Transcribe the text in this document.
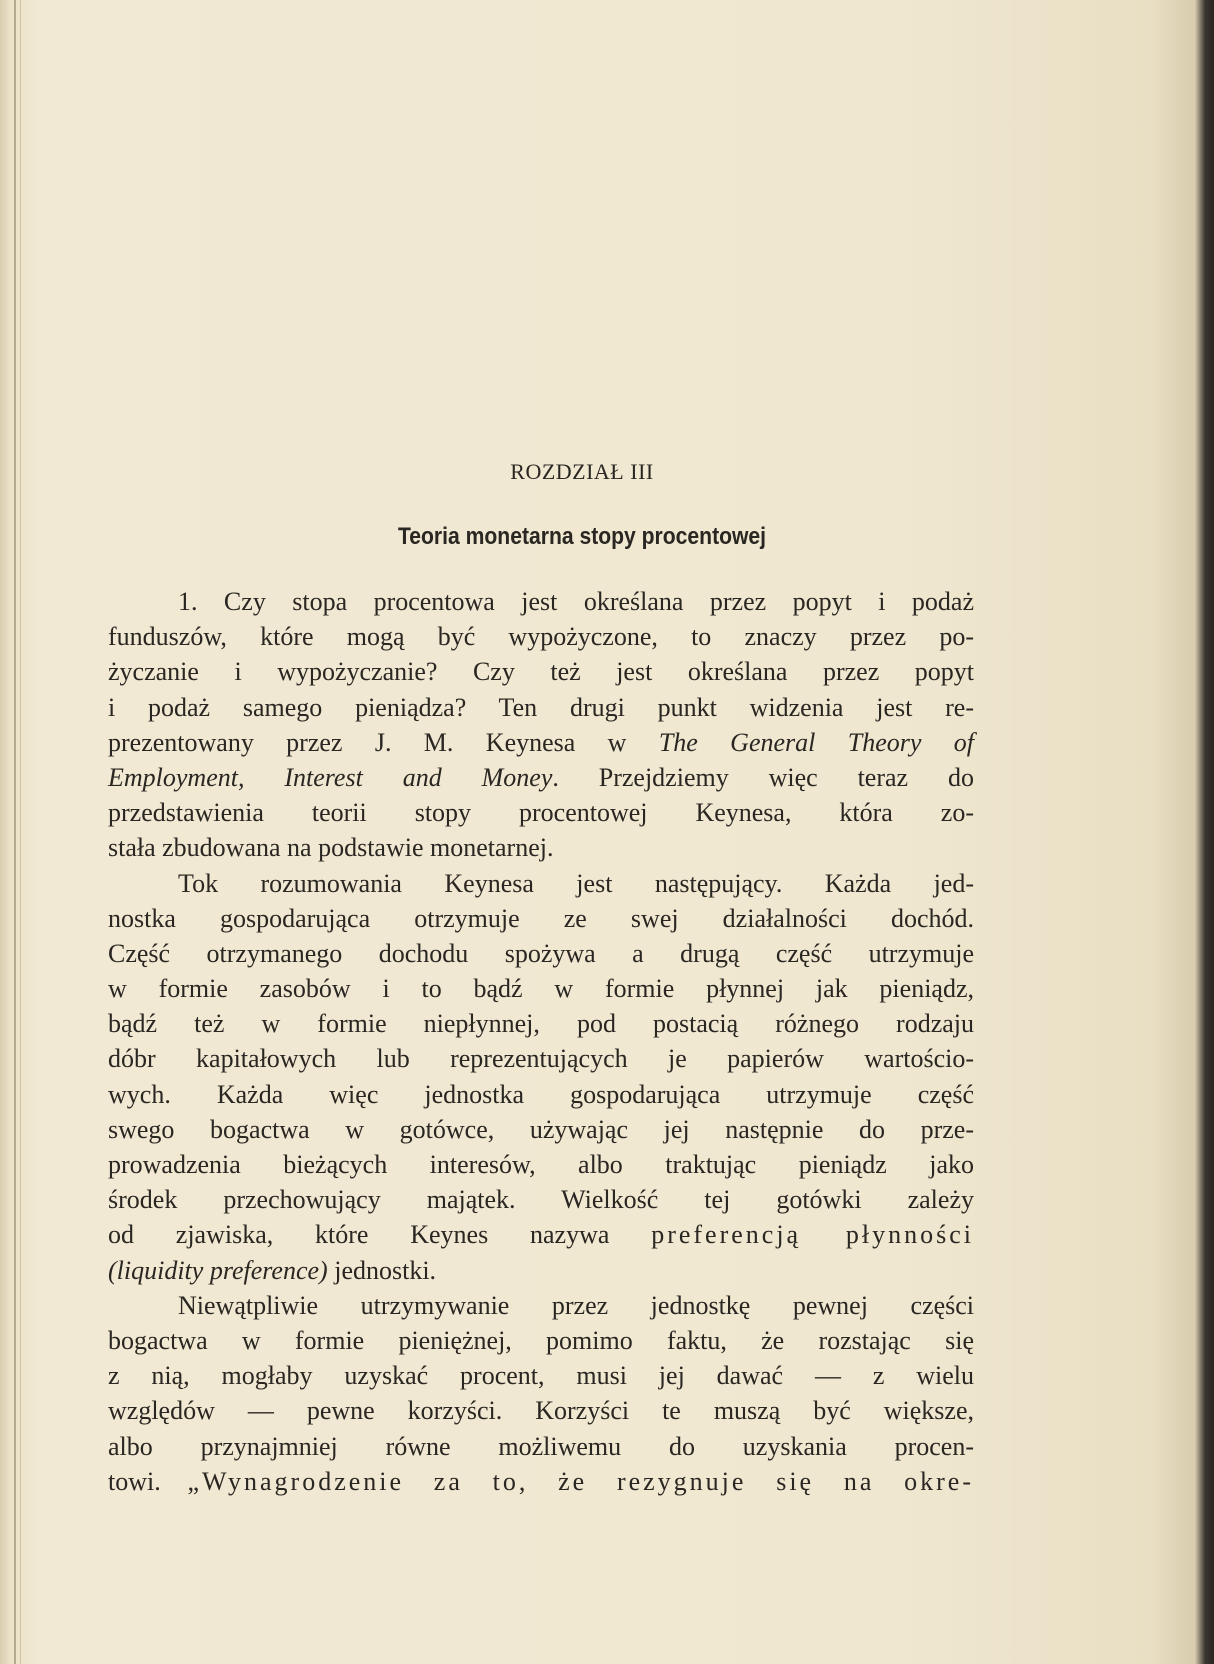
ROZDZIAŁ III
Teoria monetarna stopy procentowej
1. Czy stopa procentowa jest określana przez popyt i podaż
funduszów, które mogą być wypożyczone, to znaczy przez po-
życzanie i wypożyczanie? Czy też jest określana przez popyt
i podaż samego pieniądza? Ten drugi punkt widzenia jest re-
prezentowany przez J. M. Keynesa w The General Theory of
Employment, Interest and Money. Przejdziemy więc teraz do
przedstawienia teorii stopy procentowej Keynesa, która zo-
stała zbudowana na podstawie monetarnej.
Tok rozumowania Keynesa jest następujący. Każda jed-
nostka gospodarująca otrzymuje ze swej działalności dochód.
Część otrzymanego dochodu spożywa a drugą część utrzymuje
w formie zasobów i to bądź w formie płynnej jak pieniądz,
bądź też w formie niepłynnej, pod postacią różnego rodzaju
dóbr kapitałowych lub reprezentujących je papierów wartościo-
wych. Każda więc jednostka gospodarująca utrzymuje część
swego bogactwa w gotówce, używając jej następnie do prze-
prowadzenia bieżących interesów, albo traktując pieniądz jako
środek przechowujący majątek. Wielkość tej gotówki zależy
od zjawiska, które Keynes nazywa preferencją płynności
(liquidity preference) jednostki.
Niewątpliwie utrzymywanie przez jednostkę pewnej części
bogactwa w formie pieniężnej, pomimo faktu, że rozstając się
z nią, mogłaby uzyskać procent, musi jej dawać — z wielu
względów — pewne korzyści. Korzyści te muszą być większe,
albo przynajmniej równe możliwemu do uzyskania procen-
towi. „Wynagrodzenie za to, że rezygnuje się na okre-
